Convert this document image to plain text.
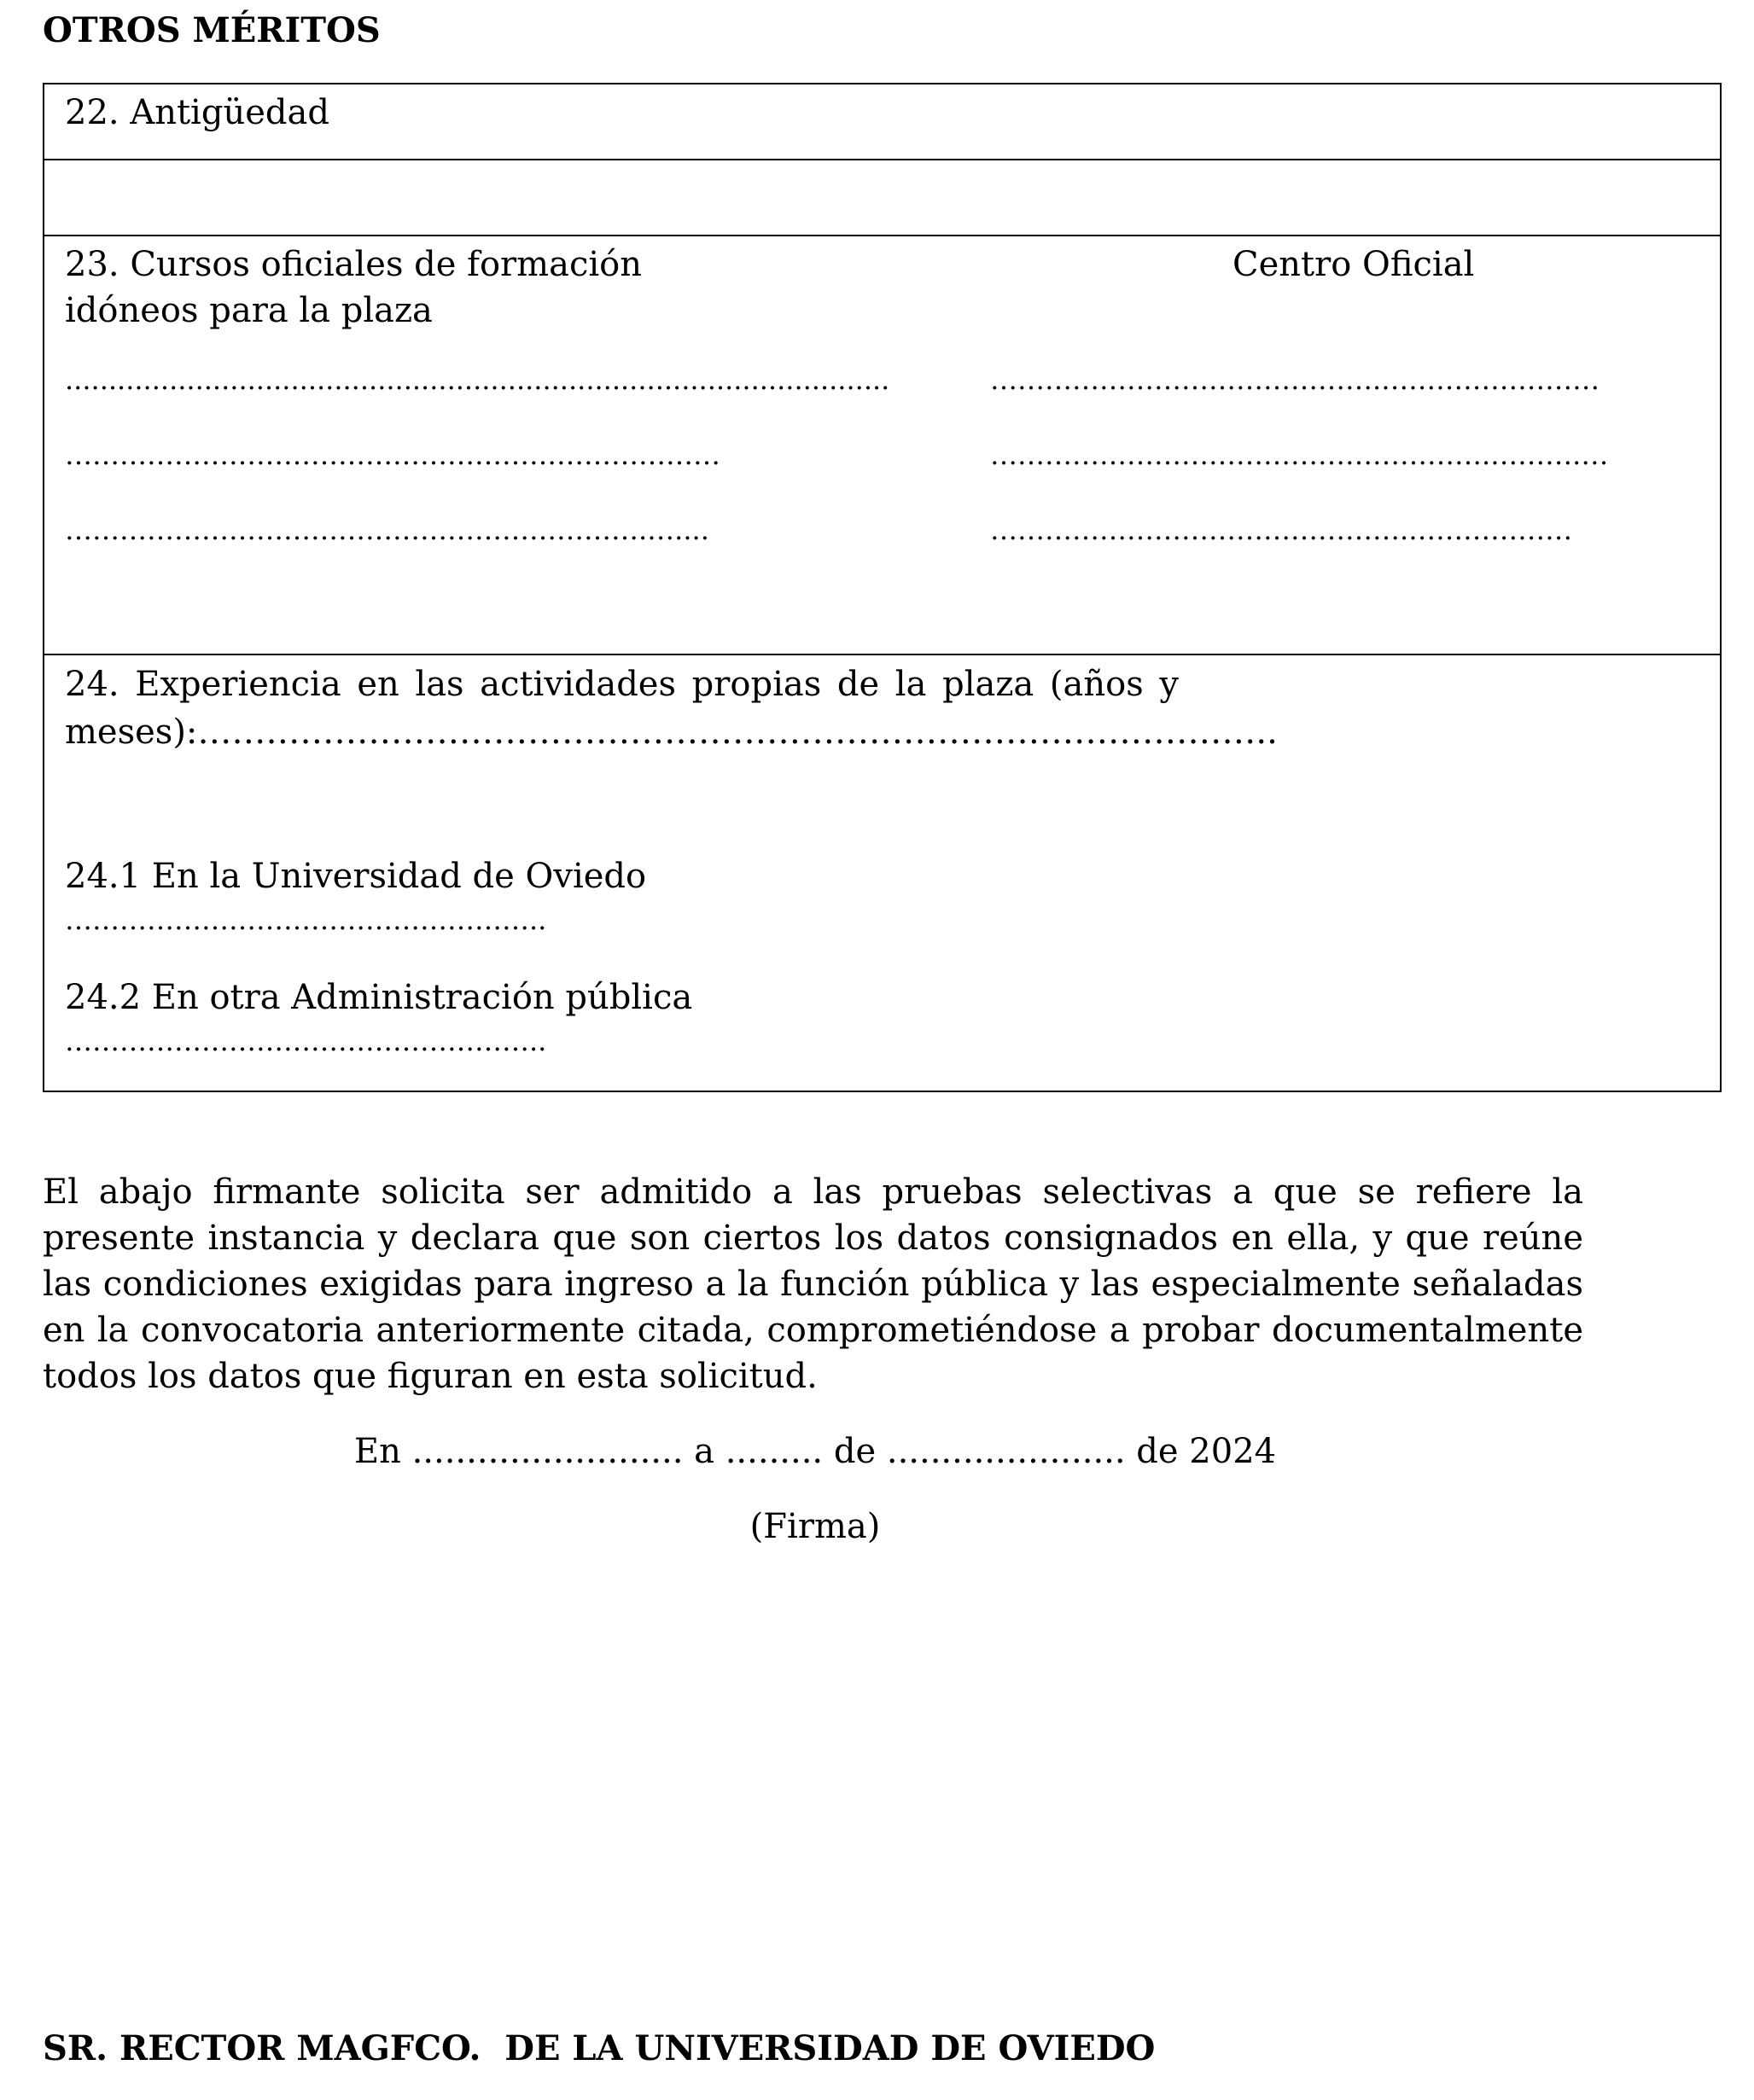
OTROS MÉRITOS
22. Antigüedad
23. Cursos oficiales de formación idóneos para la plaza
Centro Oficial
...............................................................................................	…………………………………….……………………
………………………………………………………………	……………………………………………….……….…
……………………………………………………….…....	……………………………………….………………
24. Experiencia en las actividades propias de la plaza (años y meses):…………………………………………………………………………………..
24.1 En la Universidad de Oviedo
……………………………………………..
24.2 En otra Administración pública
……………………………………………..
El abajo firmante solicita ser admitido a las pruebas selectivas a que se refiere la presente instancia y declara que son ciertos los datos consignados en ella, y que reúne las condiciones exigidas para ingreso a la función pública y las especialmente señaladas en la convocatoria anteriormente citada, comprometiéndose a probar documentalmente todos los datos que figuran en esta solicitud.
En ......................... a ......... de ...................... de 2024
(Firma)
SR. RECTOR MAGFCO.  DE LA UNIVERSIDAD DE OVIEDO
